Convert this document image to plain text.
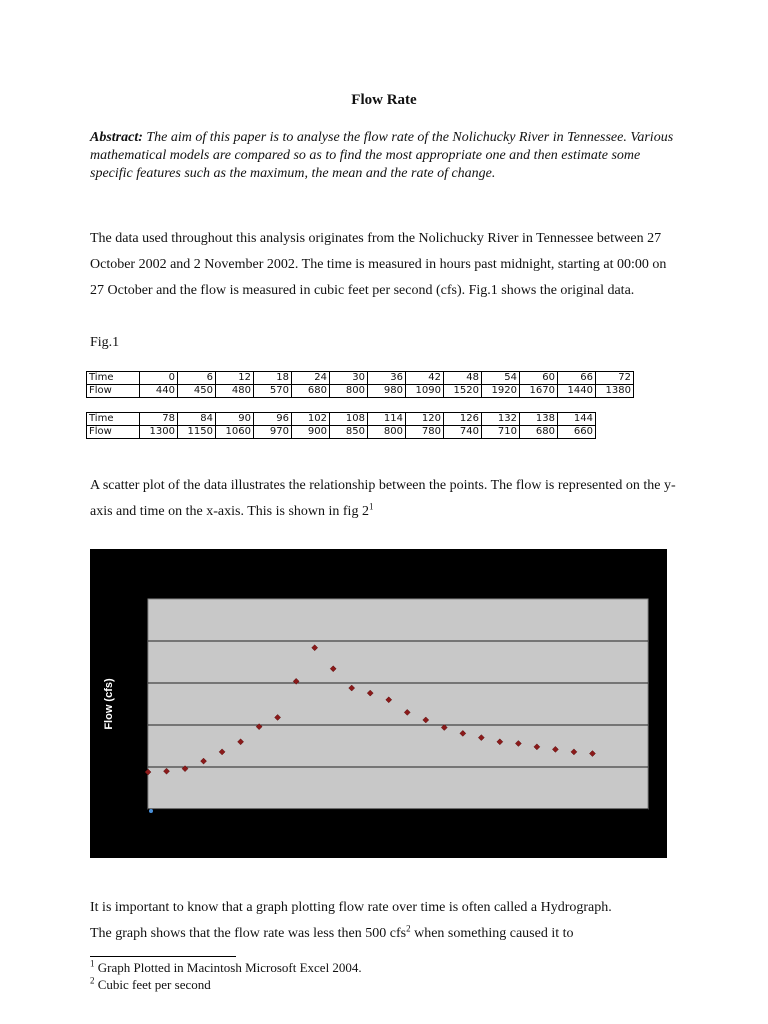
Flow Rate
Abstract: The aim of this paper is to analyse the flow rate of the Nolichucky River in Tennessee. Various mathematical models are compared so as to find the most appropriate one and then estimate some specific features such as the maximum, the mean and the rate of change.
The data used throughout this analysis originates from the Nolichucky River in Tennessee between 27 October 2002 and 2 November 2002. The time is measured in hours past midnight, starting at 00:00 on 27 October and the flow is measured in cubic feet per second (cfs). Fig.1 shows the original data.
Fig.1
Time	0	6	12	18	24	30	36	42	48	54	60	66	72
Flow	440	450	480	570	680	800	980	1090	1520	1920	1670	1440	1380
Time	78	84	90	96	102	108	114	120	126	132	138	144
Flow	1300	1150	1060	970	900	850	800	780	740	710	680	660
A scatter plot of the data illustrates the relationship between the points. The flow is represented on the y-axis and time on the x-axis. This is shown in fig $2^1$
Flow (cfs)
It is important to know that a graph plotting flow rate over time is often called a Hydrograph.
The graph shows that the flow rate was less then 500 cfs$^2$ when something caused it to
$^1$ Graph Plotted in Macintosh Microsoft Excel 2004.
$^2$ Cubic feet per second
